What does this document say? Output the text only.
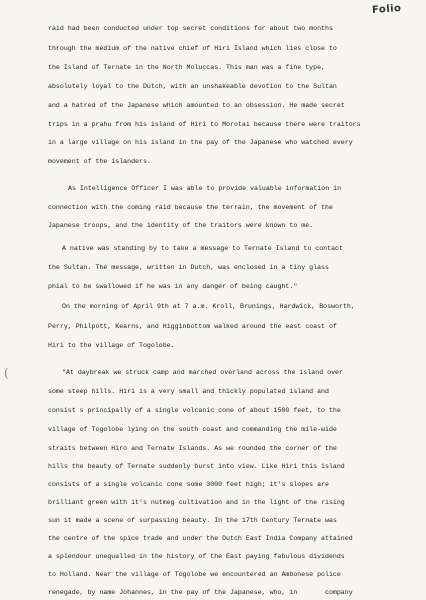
Folio
(

raid had been conducted under top secret conditions for about two months

through the medium of the native chief of Hiri Island which lies close to

the Island of Ternate in the North Moluccas. This man was a fine type,

absolutely loyal to the Dutch, with an unshakeable devotion to the Sultan

and a hatred of the Japanese which amounted to an obsession. He made secret

trips in a prahu from his island of Hiri to Morotai because there were traitors

in a large village on his island in the pay of the Japanese who watched every

movement of the islanders.

As Intelligence Officer I was able to provide valuable information in

connection with the coming raid because the terrain, the movement of the

Japanese troops, and the identity of the traitors were known to me.

A native was standing by to take a message to Ternate Island to contact

the Sultan. The message, written in Dutch, was enclosed in a tiny glass

phial to be swallowed if he was in any danger of being caught."

On the morning of April 9th at 7 a.m. Kroll, Brunings, Hardwick, Bosworth,

Perry, Philpott, Kearns, and Higginbottom walked around the east coast of

Hiri to the village of Togolobe.

"At daybreak we struck camp and marched overland across the island over

some steep hills. Hiri is a very small and thickly populated island and

consist s principally of a single volcanic cone of about 1500 feet, to the

village of Togolobe lying on the south coast and commanding the mile-wide

straits between Hiro and Ternate Islands. As we rounded the corner of the

hills the beauty of Ternate suddenly burst into view. Like Hiri this island

consists of a single volcanic cone some 3000 feet high; it's slopes are

brilliant green with it's nutmeg cultivation and in the light of the rising

sun it made a scene of surpassing beauty. In the 17th Century Ternate was

the centre of the spice trade and under the Dutch East India Company attained

a splendour unequalled in the history of the East paying fabulous dividends

to Holland. Near the village of Togolobe we encountered an Ambonese police

renegade, by name Johannes, in the pay of the Japanese, who, in       company
